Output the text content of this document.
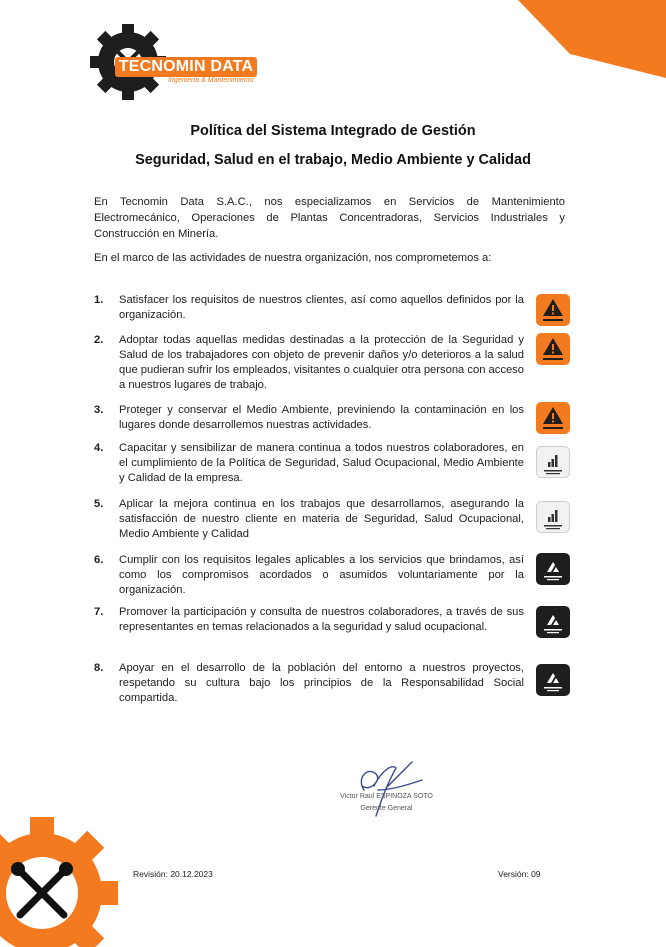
TECNOMIN DATA
Ingeniería & Mantenimiento
Política del Sistema Integrado de Gestión
Seguridad, Salud en el trabajo, Medio Ambiente y Calidad
En Tecnomin Data S.A.C., nos especializamos en Servicios de Mantenimiento Electromecánico, Operaciones de Plantas Concentradoras, Servicios Industriales y Construcción en Minería.
En el marco de las actividades de nuestra organización, nos comprometemos a:
1.	Satisfacer los requisitos de nuestros clientes, así como aquellos definidos por la organización.
2.	Adoptar todas aquellas medidas destinadas a la protección de la Seguridad y Salud de los trabajadores con objeto de prevenir daños y/o deterioros a la salud que pudieran sufrir los empleados, visitantes o cualquier otra persona con acceso a nuestros lugares de trabajo.
3.	Proteger y conservar el Medio Ambiente, previniendo la contaminación en los lugares donde desarrollemos nuestras actividades.
4.	Capacitar y sensibilizar de manera continua a todos nuestros colaboradores, en el cumplimiento de la Política de Seguridad, Salud Ocupacional, Medio Ambiente y Calidad de la empresa.
5.	Aplicar la mejora continua en los trabajos que desarrollamos, asegurando la satisfacción de nuestro cliente en materia de Seguridad, Salud Ocupacional, Medio Ambiente y Calidad
6.	Cumplir con los requisitos legales aplicables a los servicios que brindamos, así como los compromisos acordados o asumidos voluntariamente por la organización.
7.	Promover la participación y consulta de nuestros colaboradores, a través de sus representantes en temas relacionados a la seguridad y salud ocupacional.
8.	Apoyar en el desarrollo de la población del entorno a nuestros proyectos, respetando su cultura bajo los principios de la Responsabilidad Social compartida.
Victor Raul ESPINOZA SOTO
Gerente General
Revisión: 20.12.2023	Versión: 09
